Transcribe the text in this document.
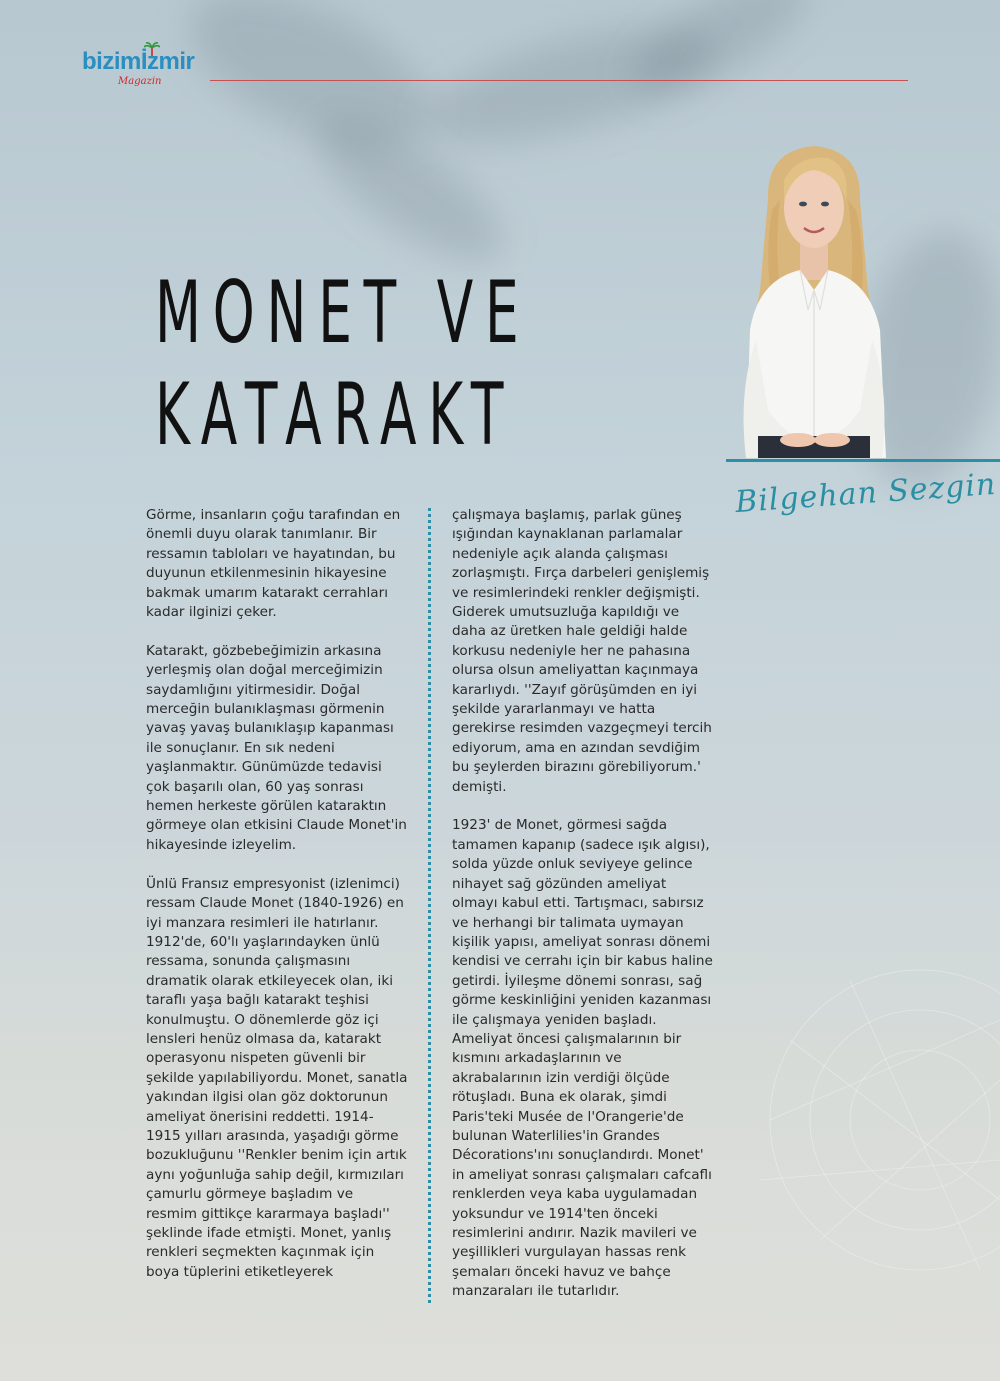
bizimİzmir
Magazin
MONET VE
KATARAKT
Bilgehan Sezgin

Görme, insanların çoğu tarafından en önemli duyu olarak tanımlanır. Bir ressamın tabloları ve hayatından, bu duyunun etkilenmesinin hikayesine bakmak umarım katarakt cerrahları kadar ilginizi çeker.

Katarakt, gözbebeğimizin arkasına yerleşmiş olan doğal merceğimizin saydamlığını yitirmesidir. Doğal merceğin bulanıklaşması görmenin yavaş yavaş bulanıklaşıp kapanması ile sonuçlanır. En sık nedeni yaşlanmaktır. Günümüzde tedavisi çok başarılı olan, 60 yaş sonrası hemen herkeste görülen kataraktın görmeye olan etkisini Claude Monet'in hikayesinde izleyelim.

Ünlü Fransız empresyonist (izlenimci) ressam Claude Monet (1840-1926) en iyi manzara resimleri ile hatırlanır. 1912'de, 60'lı yaşlarındayken ünlü ressama, sonunda çalışmasını dramatik olarak etkileyecek olan, iki taraflı yaşa bağlı katarakt teşhisi konulmuştu. O dönemlerde göz içi lensleri henüz olmasa da, katarakt operasyonu nispeten güvenli bir şekilde yapılabiliyordu. Monet, sanatla yakından ilgisi olan göz doktorunun ameliyat önerisini reddetti. 1914-1915 yılları arasında, yaşadığı görme bozukluğunu ''Renkler benim için artık aynı yoğunluğa sahip değil, kırmızıları çamurlu görmeye başladım ve resmim gittikçe kararmaya başladı'' şeklinde ifade etmişti. Monet, yanlış renkleri seçmekten kaçınmak için boya tüplerini etiketleyerek

çalışmaya başlamış, parlak güneş ışığından kaynaklanan parlamalar nedeniyle açık alanda çalışması zorlaşmıştı. Fırça darbeleri genişlemiş ve resimlerindeki renkler değişmişti. Giderek umutsuzluğa kapıldığı ve daha az üretken hale geldiği halde korkusu nedeniyle her ne pahasına olursa olsun ameliyattan kaçınmaya kararlıydı. ''Zayıf görüşümden en iyi şekilde yararlanmayı ve hatta gerekirse resimden vazgeçmeyi tercih ediyorum, ama en azından sevdiğim bu şeylerden birazını görebiliyorum.' demişti.

1923' de Monet, görmesi sağda tamamen kapanıp (sadece ışık algısı), solda yüzde onluk seviyeye gelince nihayet sağ gözünden ameliyat olmayı kabul etti. Tartışmacı, sabırsız ve herhangi bir talimata uymayan kişilik yapısı, ameliyat sonrası dönemi kendisi ve cerrahı için bir kabus haline getirdi. İyileşme dönemi sonrası, sağ görme keskinliğini yeniden kazanması ile çalışmaya yeniden başladı. Ameliyat öncesi çalışmalarının bir kısmını arkadaşlarının ve akrabalarının izin verdiği ölçüde rötuşladı. Buna ek olarak, şimdi Paris'teki Musée de l'Orangerie'de bulunan Waterlilies'in Grandes Décorations'ını sonuçlandırdı. Monet' in ameliyat sonrası çalışmaları cafcaflı renklerden veya kaba uygulamadan yoksundur ve 1914'ten önceki resimlerini andırır. Nazik mavileri ve yeşillikleri vurgulayan hassas renk şemaları önceki havuz ve bahçe manzaraları ile tutarlıdır.
